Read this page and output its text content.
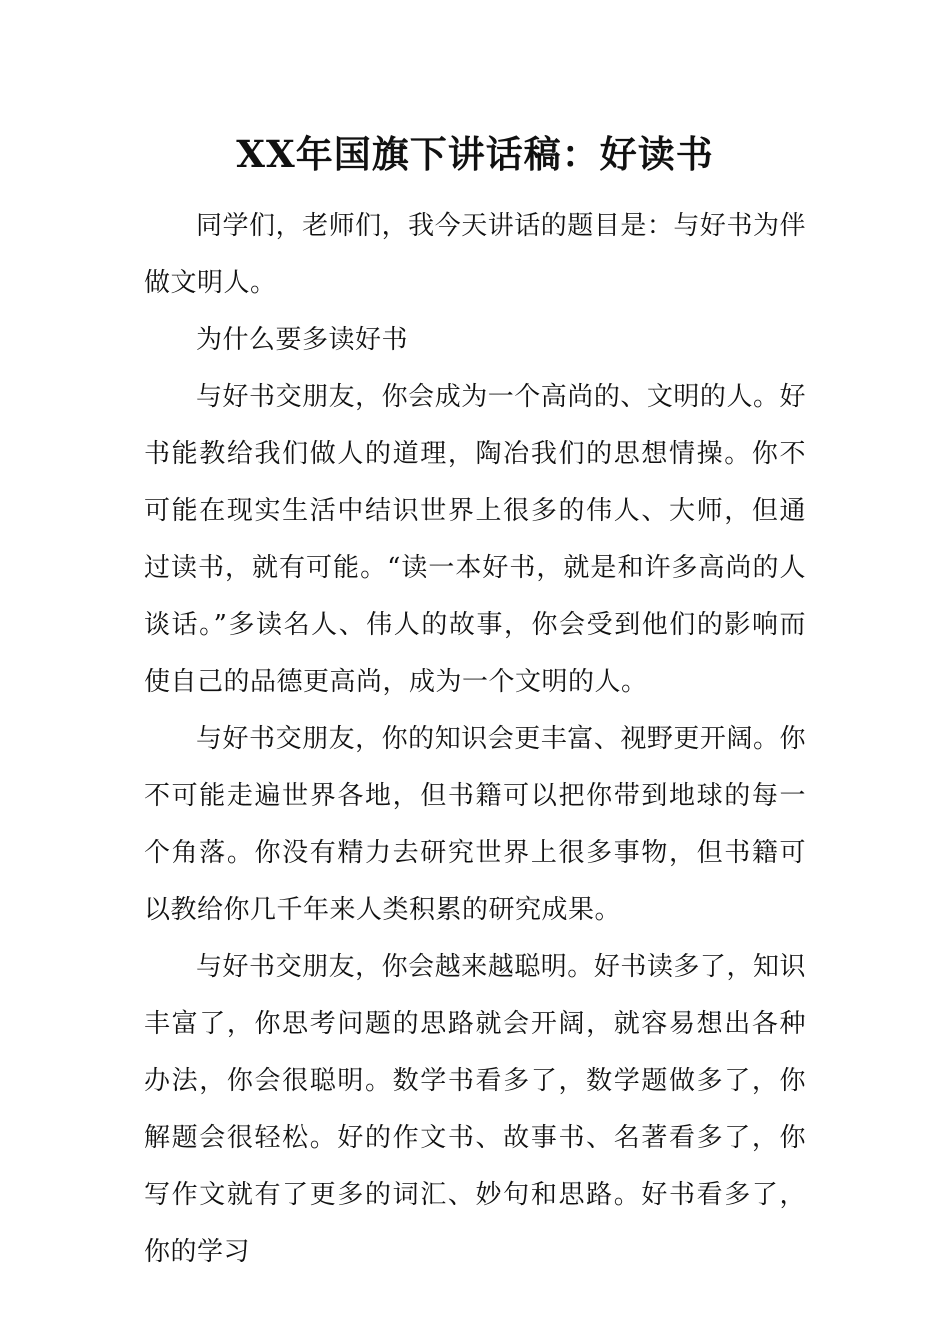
XX年国旗下讲话稿：好读书

同学们，老师们，我今天讲话的题目是：与好书为伴做文明人。

为什么要多读好书

与好书交朋友，你会成为一个高尚的、文明的人。好书能教给我们做人的道理，陶冶我们的思想情操。你不可能在现实生活中结识世界上很多的伟人、大师，但通过读书，就有可能。“读一本好书，就是和许多高尚的人谈话。”多读名人、伟人的故事，你会受到他们的影响而使自己的品德更高尚，成为一个文明的人。

与好书交朋友，你的知识会更丰富、视野更开阔。你不可能走遍世界各地，但书籍可以把你带到地球的每一个角落。你没有精力去研究世界上很多事物，但书籍可以教给你几千年来人类积累的研究成果。

与好书交朋友，你会越来越聪明。好书读多了，知识丰富了，你思考问题的思路就会开阔，就容易想出各种办法，你会很聪明。数学书看多了，数学题做多了，你解题会很轻松。好的作文书、故事书、名著看多了，你写作文就有了更多的词汇、妙句和思路。好书看多了，你的学习
